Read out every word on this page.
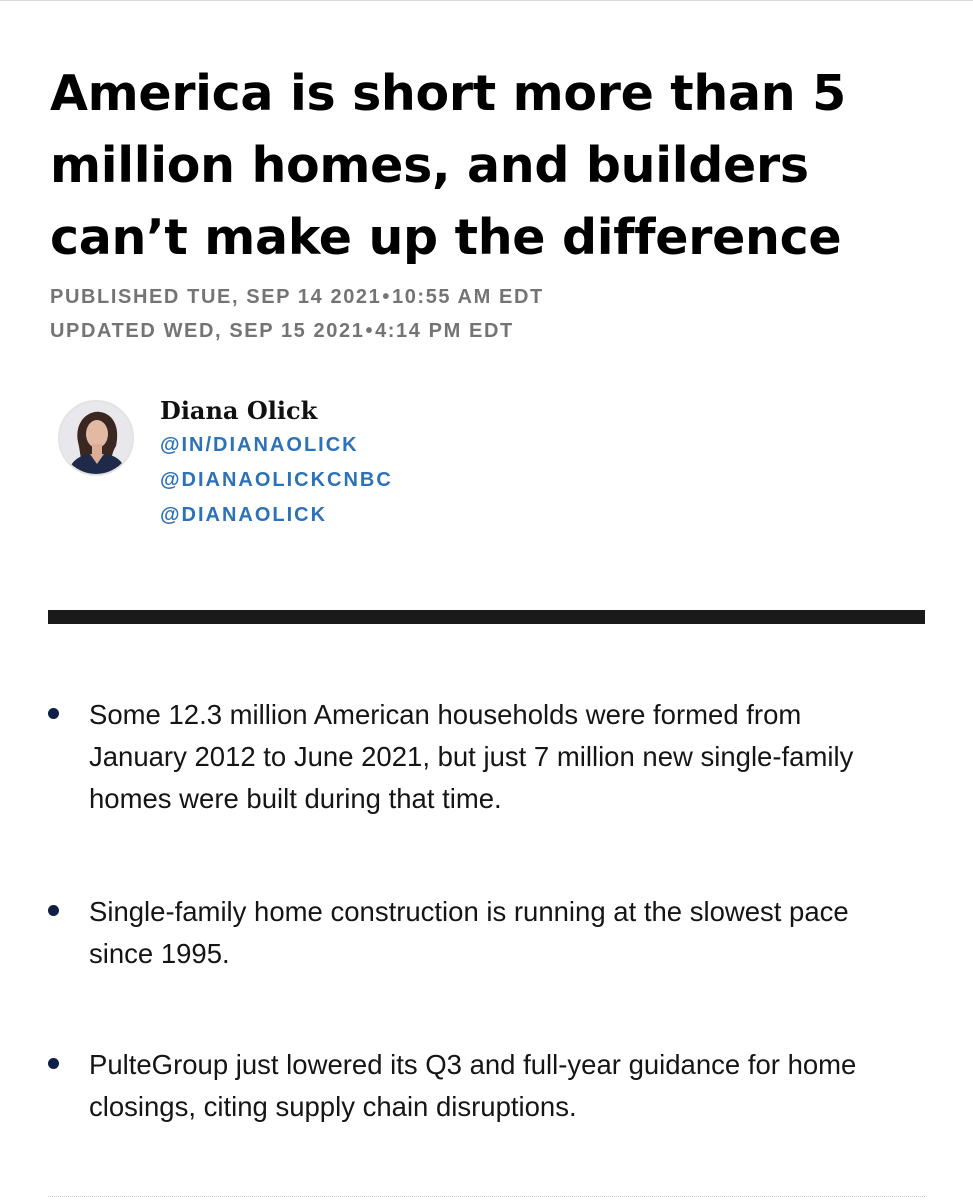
America is short more than 5 million homes, and builders can’t make up the difference
PUBLISHED TUE, SEP 14 2021•10:55 AM EDT
UPDATED WED, SEP 15 2021•4:14 PM EDT
Diana Olick
@IN/DIANAOLICK
@DIANAOLICKCNBC
@DIANAOLICK
Some 12.3 million American households were formed from January 2012 to June 2021, but just 7 million new single-family homes were built during that time.
Single-family home construction is running at the slowest pace since 1995.
PulteGroup just lowered its Q3 and full-year guidance for home closings, citing supply chain disruptions.
